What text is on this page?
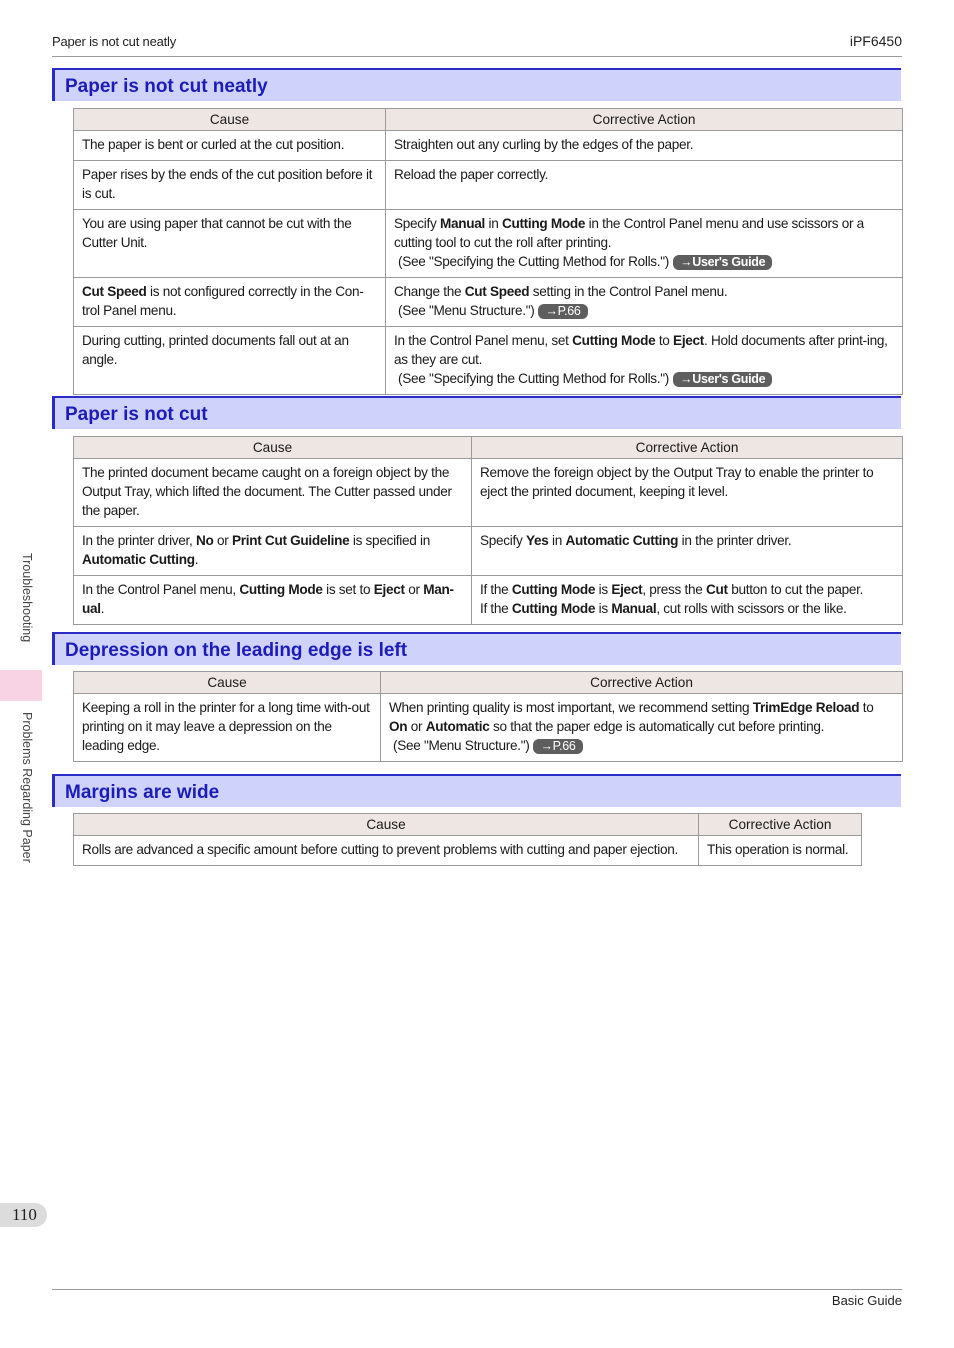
Paper is not cut neatly	iPF6450
Paper is not cut neatly
Cause	Corrective Action
The paper is bent or curled at the cut position.	Straighten out any curling by the edges of the paper.
Paper rises by the ends of the cut position before it is cut.	Reload the paper correctly.
You are using paper that cannot be cut with the Cutter Unit.	Specify Manual in Cutting Mode in the Control Panel menu and use scissors or a cutting tool to cut the roll after printing.
(See "Specifying the Cutting Method for Rolls.") →User's Guide
Cut Speed is not configured correctly in the Con-trol Panel menu.	Change the Cut Speed setting in the Control Panel menu.
(See "Menu Structure.") →P.66
During cutting, printed documents fall out at an angle.	In the Control Panel menu, set Cutting Mode to Eject. Hold documents after print-ing, as they are cut.
(See "Specifying the Cutting Method for Rolls.") →User's Guide
Paper is not cut
Cause	Corrective Action
The printed document became caught on a foreign object by the Output Tray, which lifted the document. The Cutter passed under the paper.	Remove the foreign object by the Output Tray to enable the printer to eject the printed document, keeping it level.
In the printer driver, No or Print Cut Guideline is specified in Automatic Cutting.	Specify Yes in Automatic Cutting in the printer driver.
In the Control Panel menu, Cutting Mode is set to Eject or Man-ual.	If the Cutting Mode is Eject, press the Cut button to cut the paper.
If the Cutting Mode is Manual, cut rolls with scissors or the like.
Depression on the leading edge is left
Cause	Corrective Action
Keeping a roll in the printer for a long time with-out printing on it may leave a depression on the leading edge.	When printing quality is most important, we recommend setting TrimEdge Reload to On or Automatic so that the paper edge is automatically cut before printing.
(See "Menu Structure.") →P.66
Margins are wide
Cause	Corrective Action
Rolls are advanced a specific amount before cutting to prevent problems with cutting and paper ejection.	This operation is normal.
Troubleshooting
Problems Regarding Paper
110
Basic Guide
